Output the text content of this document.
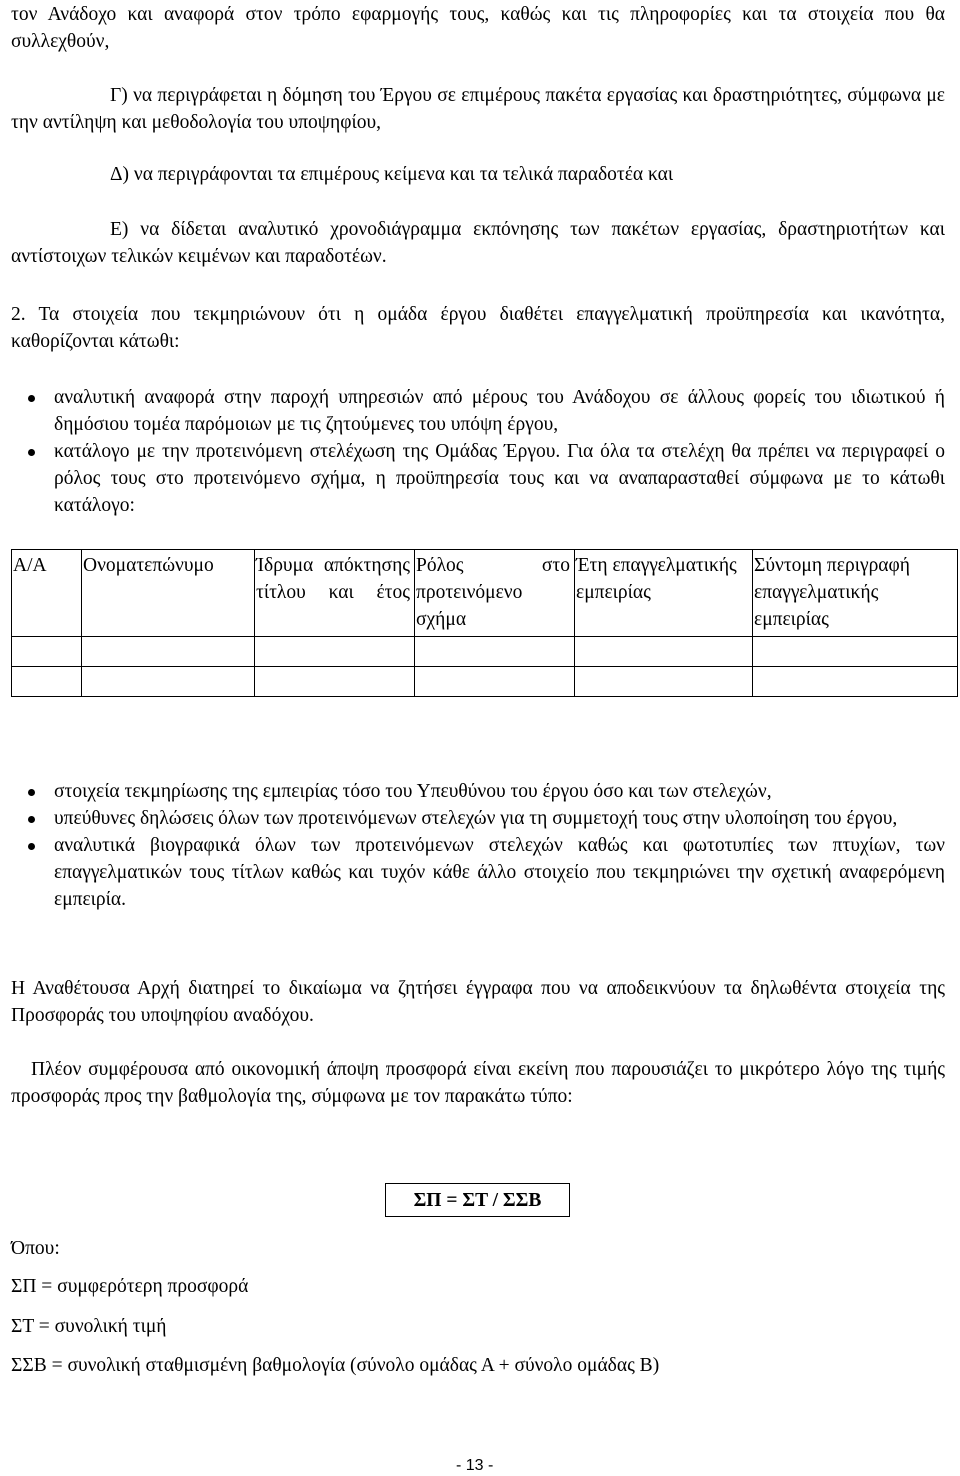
τον Ανάδοχο και αναφορά στον τρόπο εφαρμογής τους, καθώς και τις πληροφορίες και τα στοιχεία που θα συλλεχθούν,

Γ) να περιγράφεται η δόμηση του Έργου σε επιμέρους πακέτα εργασίας και δραστηριότητες, σύμφωνα με την αντίληψη και μεθοδολογία του υποψηφίου,

Δ) να περιγράφονται τα επιμέρους κείμενα και τα τελικά παραδοτέα και

Ε) να δίδεται αναλυτικό χρονοδιάγραμμα εκπόνησης των πακέτων εργασίας, δραστηριοτήτων και αντίστοιχων τελικών κειμένων και παραδοτέων.

2. Τα στοιχεία που τεκμηριώνουν ότι η ομάδα έργου διαθέτει επαγγελματική προϋπηρεσία και ικανότητα, καθορίζονται κάτωθι:

αναλυτική αναφορά στην παροχή υπηρεσιών από μέρους του Ανάδοχου σε άλλους φορείς του ιδιωτικού ή δημόσιου τομέα παρόμοιων με τις ζητούμενες του υπόψη έργου,
κατάλογο με την προτεινόμενη στελέχωση της Ομάδας Έργου. Για όλα τα στελέχη θα πρέπει να περιγραφεί ο ρόλος τους στο προτεινόμενο σχήμα, η προϋπηρεσία τους και να αναπαρασταθεί σύμφωνα με το κάτωθι κατάλογο:
Α/Α	Ονοματεπώνυμο	Ίδρυμα απόκτησης τίτλου και έτος	Ρόλος στο προτεινόμενο σχήμα	Έτη επαγγελματικής εμπειρίας	Σύντομη περιγραφή επαγγελματικής εμπειρίας

στοιχεία τεκμηρίωσης της εμπειρίας τόσο του Υπευθύνου του έργου όσο και των στελεχών,
υπεύθυνες δηλώσεις όλων των προτεινόμενων στελεχών για τη συμμετοχή τους στην υλοποίηση του έργου,
αναλυτικά βιογραφικά όλων των προτεινόμενων στελεχών καθώς και φωτοτυπίες των πτυχίων, των επαγγελματικών τους τίτλων καθώς και τυχόν κάθε άλλο στοιχείο που τεκμηριώνει την σχετική αναφερόμενη εμπειρία.

Η Αναθέτουσα Αρχή διατηρεί το δικαίωμα να ζητήσει έγγραφα που να αποδεικνύουν τα δηλωθέντα στοιχεία της Προσφοράς του υποψηφίου αναδόχου.

Πλέον συμφέρουσα από οικονομική άποψη προσφορά είναι εκείνη που παρουσιάζει το μικρότερο λόγο της τιμής προσφοράς προς την βαθμολογία της, σύμφωνα με τον παρακάτω τύπο:

ΣΠ = ΣΤ / ΣΣΒ
Όπου:
ΣΠ = συμφερότερη προσφορά
ΣΤ = συνολική τιμή
ΣΣΒ = συνολική σταθμισμένη βαθμολογία (σύνολο ομάδας Α + σύνολο ομάδας Β)
- 13 -
